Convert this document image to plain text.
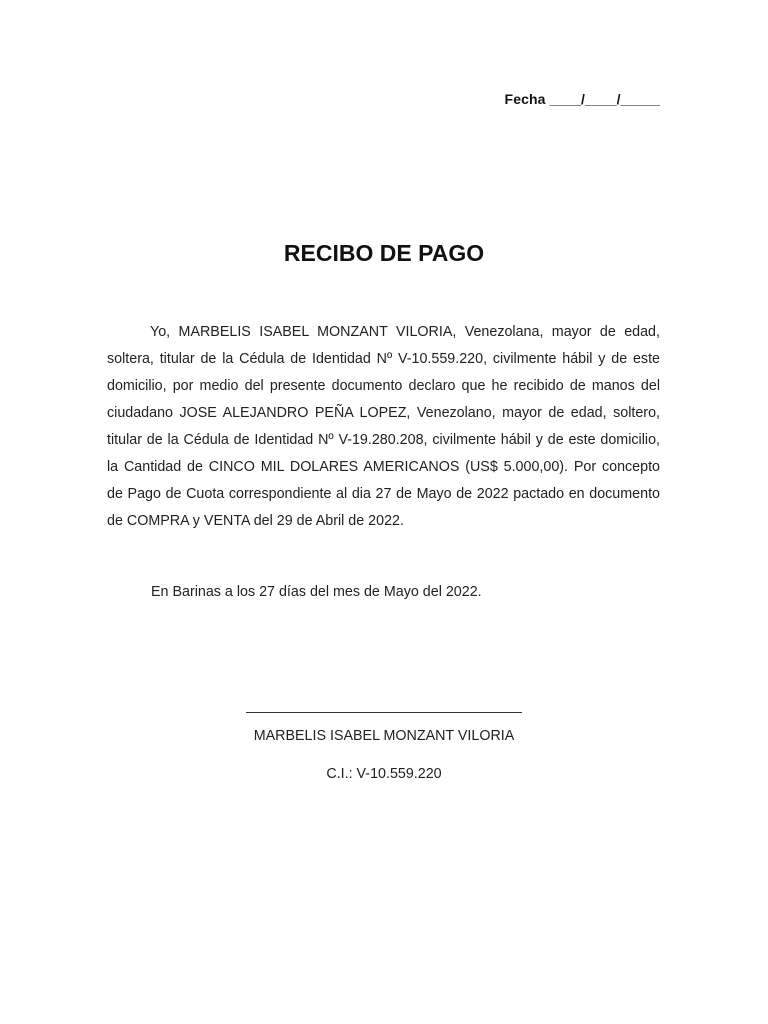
Fecha ____/____/_____
RECIBO DE PAGO

Yo, MARBELIS ISABEL MONZANT VILORIA, Venezolana, mayor de edad, soltera, titular de la Cédula de Identidad Nº V-10.559.220, civilmente hábil y de este domicilio, por medio del presente documento declaro que he recibido de manos del ciudadano JOSE ALEJANDRO PEÑA LOPEZ, Venezolano, mayor de edad, soltero, titular de la Cédula de Identidad Nº V-19.280.208, civilmente hábil y de este domicilio, la Cantidad de CINCO MIL DOLARES AMERICANOS (US$ 5.000,00). Por concepto de Pago de Cuota correspondiente al dia 27 de Mayo de 2022 pactado en documento de COMPRA y VENTA del 29 de Abril de 2022.

En Barinas a los 27 días del mes de Mayo del 2022.
MARBELIS ISABEL MONZANT VILORIA
C.I.: V-10.559.220
